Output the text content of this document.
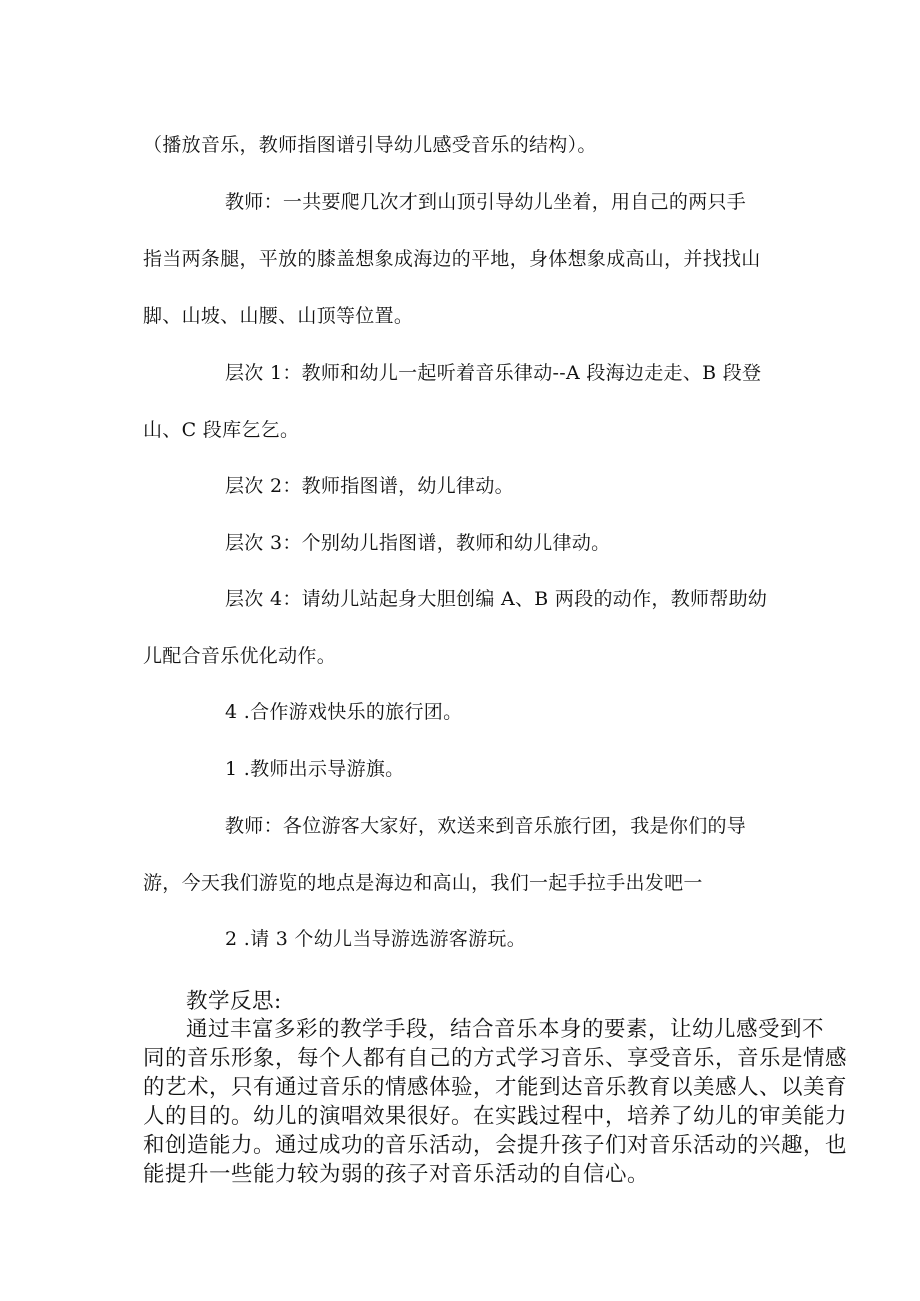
（播放音乐，教师指图谱引导幼儿感受音乐的结构）。
教师：一共要爬几次才到山顶引导幼儿坐着，用自己的两只手
指当两条腿，平放的膝盖想象成海边的平地，身体想象成高山，并找找山
脚、山坡、山腰、山顶等位置。
层次 1：教师和幼儿一起听着音乐律动--A 段海边走走、B 段登
山、C 段库乞乞。
层次 2：教师指图谱，幼儿律动。
层次 3：个别幼儿指图谱，教师和幼儿律动。
层次 4：请幼儿站起身大胆创编 A、B 两段的动作，教师帮助幼
儿配合音乐优化动作。
4 .合作游戏快乐的旅行团。
1 .教师出示导游旗。
教师：各位游客大家好，欢送来到音乐旅行团，我是你们的导
游，今天我们游览的地点是海边和高山，我们一起手拉手出发吧一
2 .请 3 个幼儿当导游选游客游玩。
教学反思:
通过丰富多彩的教学手段，结合音乐本身的要素，让幼儿感受到不
同的音乐形象，每个人都有自己的方式学习音乐、享受音乐，音乐是情感
的艺术，只有通过音乐的情感体验，才能到达音乐教育以美感人、以美育
人的目的。幼儿的演唱效果很好。在实践过程中，培养了幼儿的审美能力
和创造能力。通过成功的音乐活动，会提升孩子们对音乐活动的兴趣，也
能提升一些能力较为弱的孩子对音乐活动的自信心。
